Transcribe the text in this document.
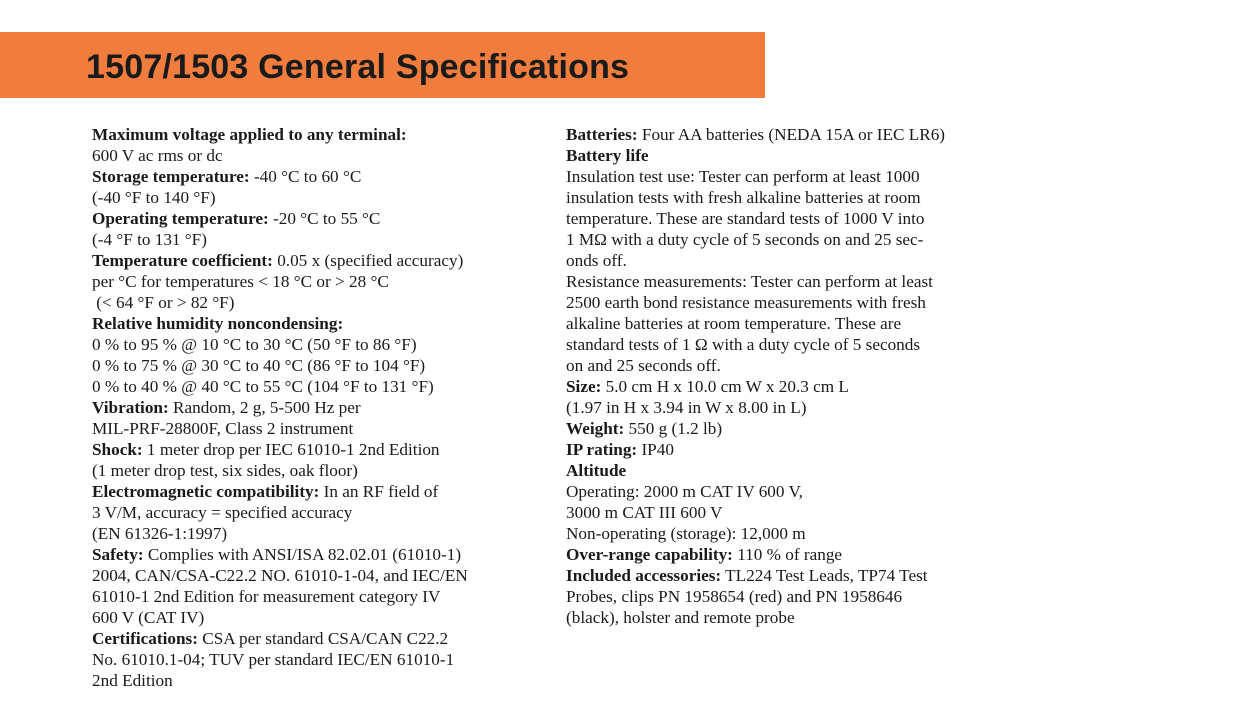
1507/1503 General Specifications
Maximum voltage applied to any terminal:
600 V ac rms or dc
Storage temperature: -40 °C to 60 °C
(-40 °F to 140 °F)
Operating temperature: -20 °C to 55 °C
(-4 °F to 131 °F)
Temperature coefficient: 0.05 x (specified accuracy)
per °C for temperatures < 18 °C or > 28 °C
(< 64 °F or > 82 °F)
Relative humidity noncondensing:
0 % to 95 % @ 10 °C to 30 °C (50 °F to 86 °F)
0 % to 75 % @ 30 °C to 40 °C (86 °F to 104 °F)
0 % to 40 % @ 40 °C to 55 °C (104 °F to 131 °F)
Vibration: Random, 2 g, 5-500 Hz per
MIL-PRF-28800F, Class 2 instrument
Shock: 1 meter drop per IEC 61010-1 2nd Edition
(1 meter drop test, six sides, oak floor)
Electromagnetic compatibility: In an RF field of
3 V/M, accuracy = specified accuracy
(EN 61326-1:1997)
Safety: Complies with ANSI/ISA 82.02.01 (61010-1)
2004, CAN/CSA-C22.2 NO. 61010-1-04, and IEC/EN
61010-1 2nd Edition for measurement category IV
600 V (CAT IV)
Certifications: CSA per standard CSA/CAN C22.2
No. 61010.1-04; TUV per standard IEC/EN 61010-1
2nd Edition
Batteries: Four AA batteries (NEDA 15A or IEC LR6)
Battery life
Insulation test use: Tester can perform at least 1000
insulation tests with fresh alkaline batteries at room
temperature. These are standard tests of 1000 V into
1 MΩ with a duty cycle of 5 seconds on and 25 sec-
onds off.
Resistance measurements: Tester can perform at least
2500 earth bond resistance measurements with fresh
alkaline batteries at room temperature. These are
standard tests of 1 Ω with a duty cycle of 5 seconds
on and 25 seconds off.
Size: 5.0 cm H x 10.0 cm W x 20.3 cm L
(1.97 in H x 3.94 in W x 8.00 in L)
Weight: 550 g (1.2 lb)
IP rating: IP40
Altitude
Operating: 2000 m CAT IV 600 V,
3000 m CAT III 600 V
Non-operating (storage): 12,000 m
Over-range capability: 110 % of range
Included accessories: TL224 Test Leads, TP74 Test
Probes, clips PN 1958654 (red) and PN 1958646
(black), holster and remote probe
